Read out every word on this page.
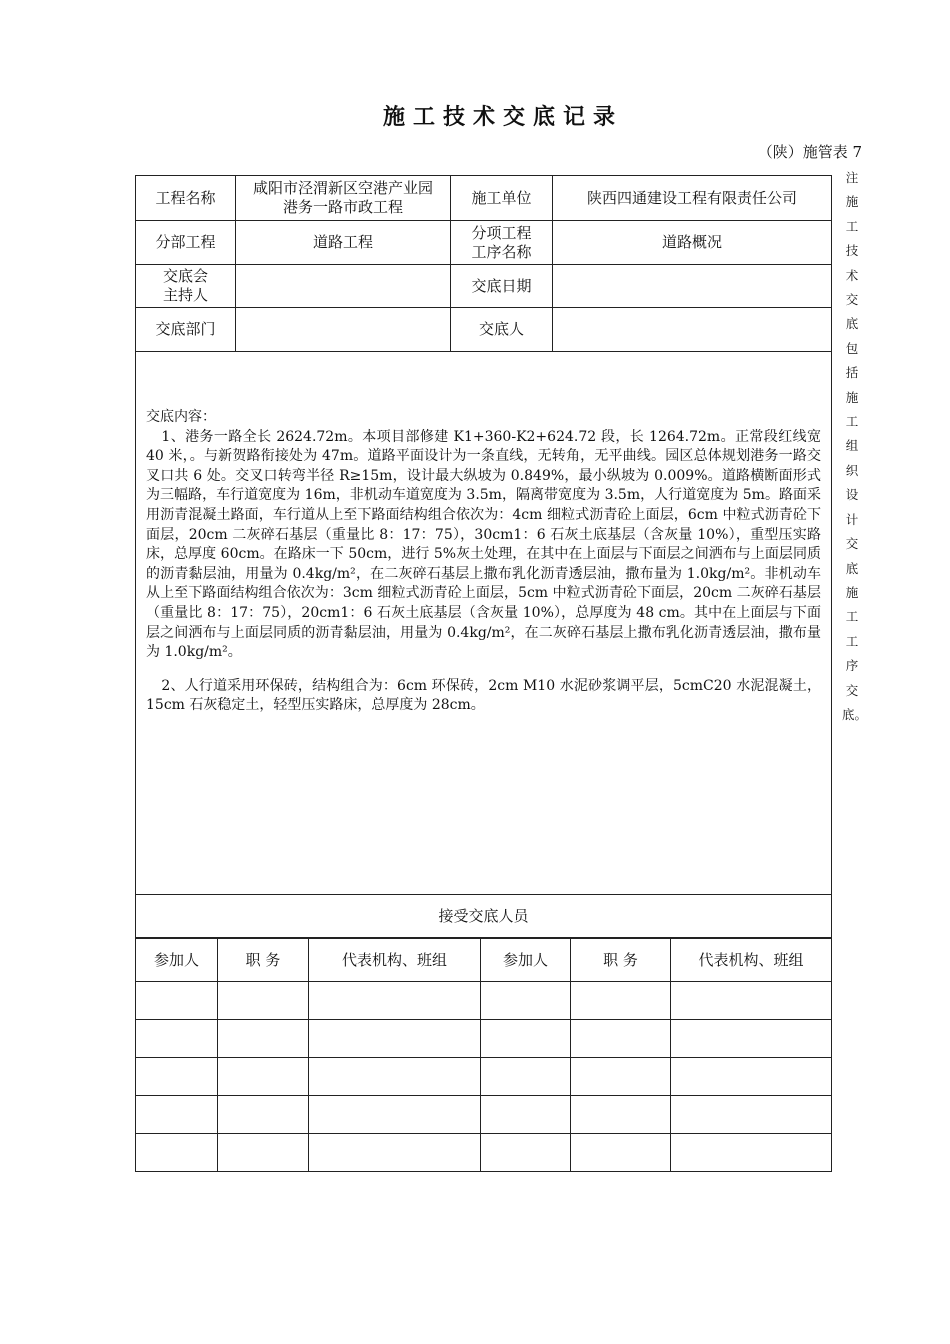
施工技术交底记录
（陕）施管表 7
注施工技术交底包括施工组织设计交底施工工序交底。
工程名称	咸阳市泾渭新区空港产业园港务一路市政工程	施工单位	陕西四通建设工程有限责任公司
分部工程	道路工程	分项工程工序名称	道路概况
交底会主持人		交底日期	
交底部门		交底人	

交底内容：
1、港务一路全长 2624.72m。本项目部修建 K1+360-K2+624.72 段，长 1264.72m。正常段红线宽 40 米，。与新贺路衔接处为 47m。道路平面设计为一条直线，无转角，无平曲线。园区总体规划港务一路交叉口共 6 处。交叉口转弯半径 R≥15m，设计最大纵坡为 0.849%，最小纵坡为 0.009%。道路横断面形式为三幅路，车行道宽度为 16m，非机动车道宽度为 3.5m，隔离带宽度为 3.5m，人行道宽度为 5m。路面采用沥青混凝土路面，车行道从上至下路面结构组合依次为：4cm 细粒式沥青砼上面层，6cm 中粒式沥青砼下面层，20cm 二灰碎石基层（重量比 8：17：75），30cm1：6 石灰土底基层（含灰量 10%），重型压实路床，总厚度 60cm。在路床一下 50cm，进行 5%灰土处理，在其中在上面层与下面层之间洒布与上面层同质的沥青黏层油，用量为 0.4kg/m²，在二灰碎石基层上撒布乳化沥青透层油，撒布量为 1.0kg/m²。非机动车从上至下路面结构组合依次为：3cm 细粒式沥青砼上面层，5cm 中粒式沥青砼下面层，20cm 二灰碎石基层（重量比 8：17：75），20cm1：6 石灰土底基层（含灰量 10%），总厚度为 48 cm。其中在上面层与下面层之间洒布与上面层同质的沥青黏层油，用量为 0.4kg/m²，在二灰碎石基层上撒布乳化沥青透层油，撒布量为 1.0kg/m²。
2、人行道采用环保砖，结构组合为：6cm 环保砖，2cm M10 水泥砂浆调平层，5cmC20 水泥混凝土，15cm 石灰稳定土，轻型压实路床，总厚度为 28cm。			

接受交底人员			
参加人	职 务	代表机构、班组	参加人	职 务	代表机构、班组
